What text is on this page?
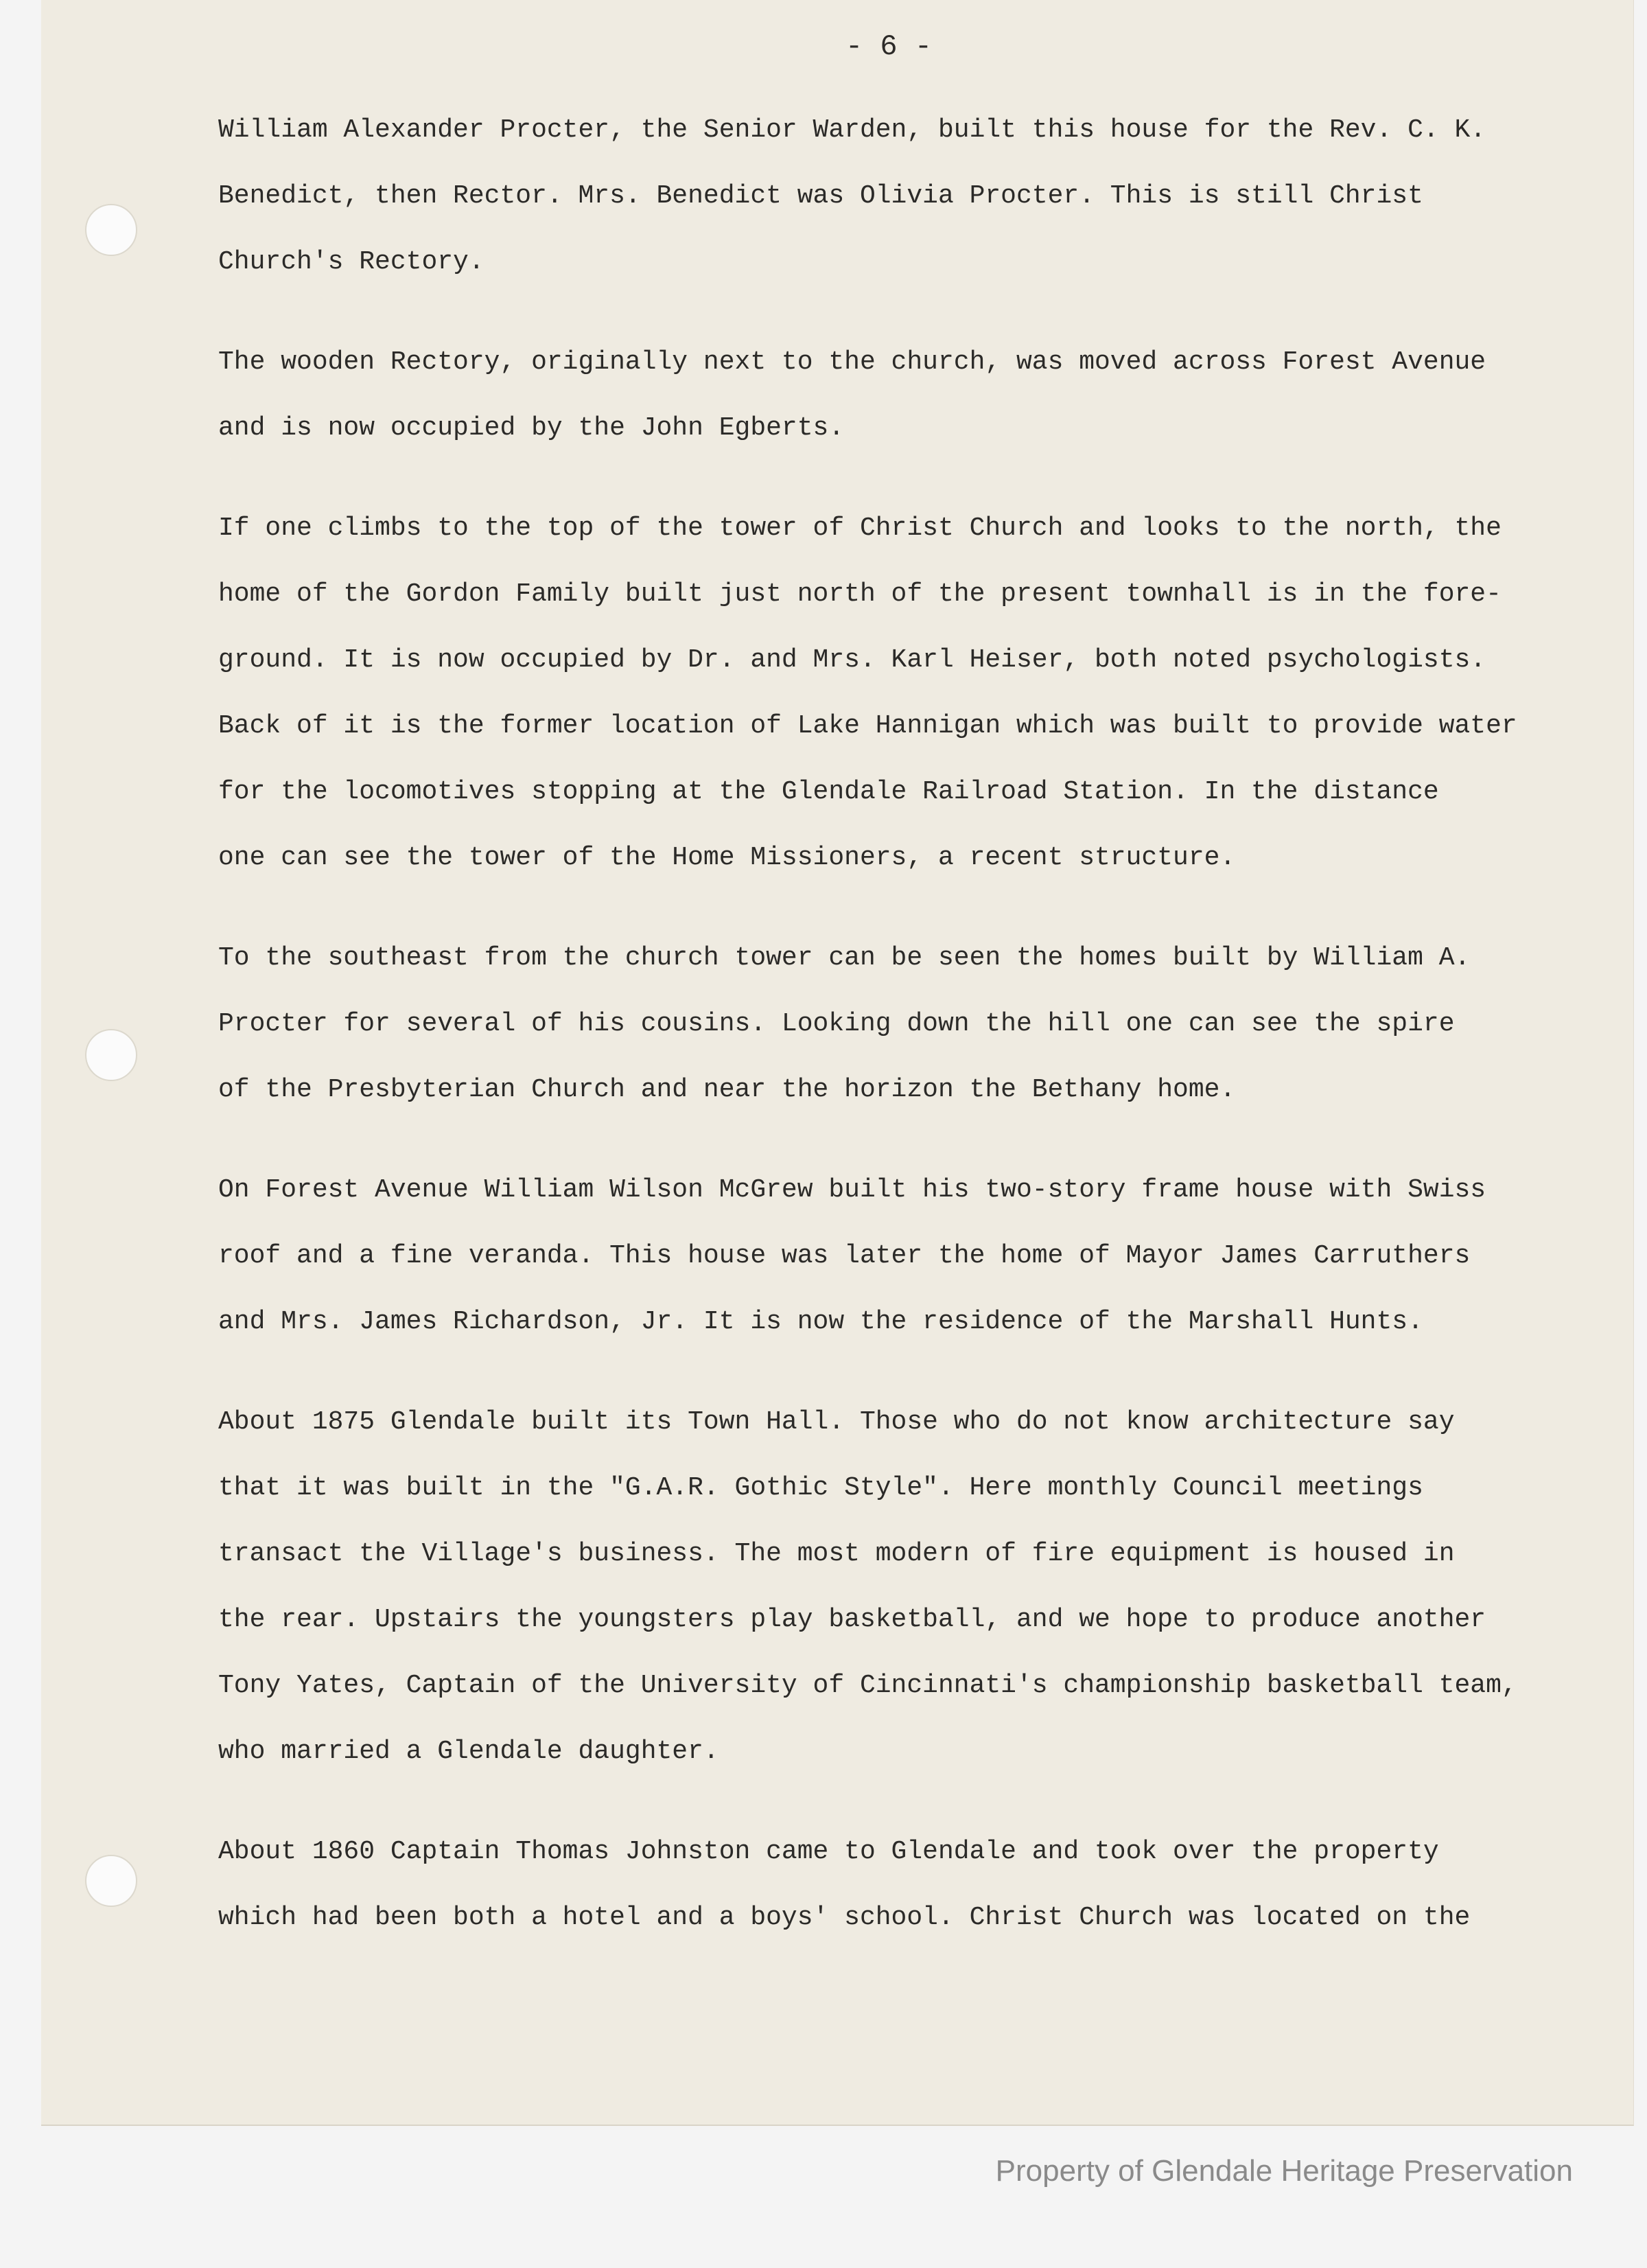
- 6 -
William Alexander Procter, the Senior Warden, built this house for the Rev. C. K.
Benedict, then Rector. Mrs. Benedict was Olivia Procter. This is still Christ
Church's Rectory.
The wooden Rectory, originally next to the church, was moved across Forest Avenue
and is now occupied by the John Egberts.
If one climbs to the top of the tower of Christ Church and looks to the north, the
home of the Gordon Family built just north of the present townhall is in the fore-
ground. It is now occupied by Dr. and Mrs. Karl Heiser, both noted psychologists.
Back of it is the former location of Lake Hannigan which was built to provide water
for the locomotives stopping at the Glendale Railroad Station. In the distance
one can see the tower of the Home Missioners, a recent structure.
To the southeast from the church tower can be seen the homes built by William A.
Procter for several of his cousins. Looking down the hill one can see the spire
of the Presbyterian Church and near the horizon the Bethany home.
On Forest Avenue William Wilson McGrew built his two-story frame house with Swiss
roof and a fine veranda. This house was later the home of Mayor James Carruthers
and Mrs. James Richardson, Jr. It is now the residence of the Marshall Hunts.
About 1875 Glendale built its Town Hall. Those who do not know architecture say
that it was built in the "G.A.R. Gothic Style". Here monthly Council meetings
transact the Village's business. The most modern of fire equipment is housed in
the rear. Upstairs the youngsters play basketball, and we hope to produce another
Tony Yates, Captain of the University of Cincinnati's championship basketball team,
who married a Glendale daughter.
About 1860 Captain Thomas Johnston came to Glendale and took over the property
which had been both a hotel and a boys' school. Christ Church was located on the
Property of Glendale Heritage Preservation
